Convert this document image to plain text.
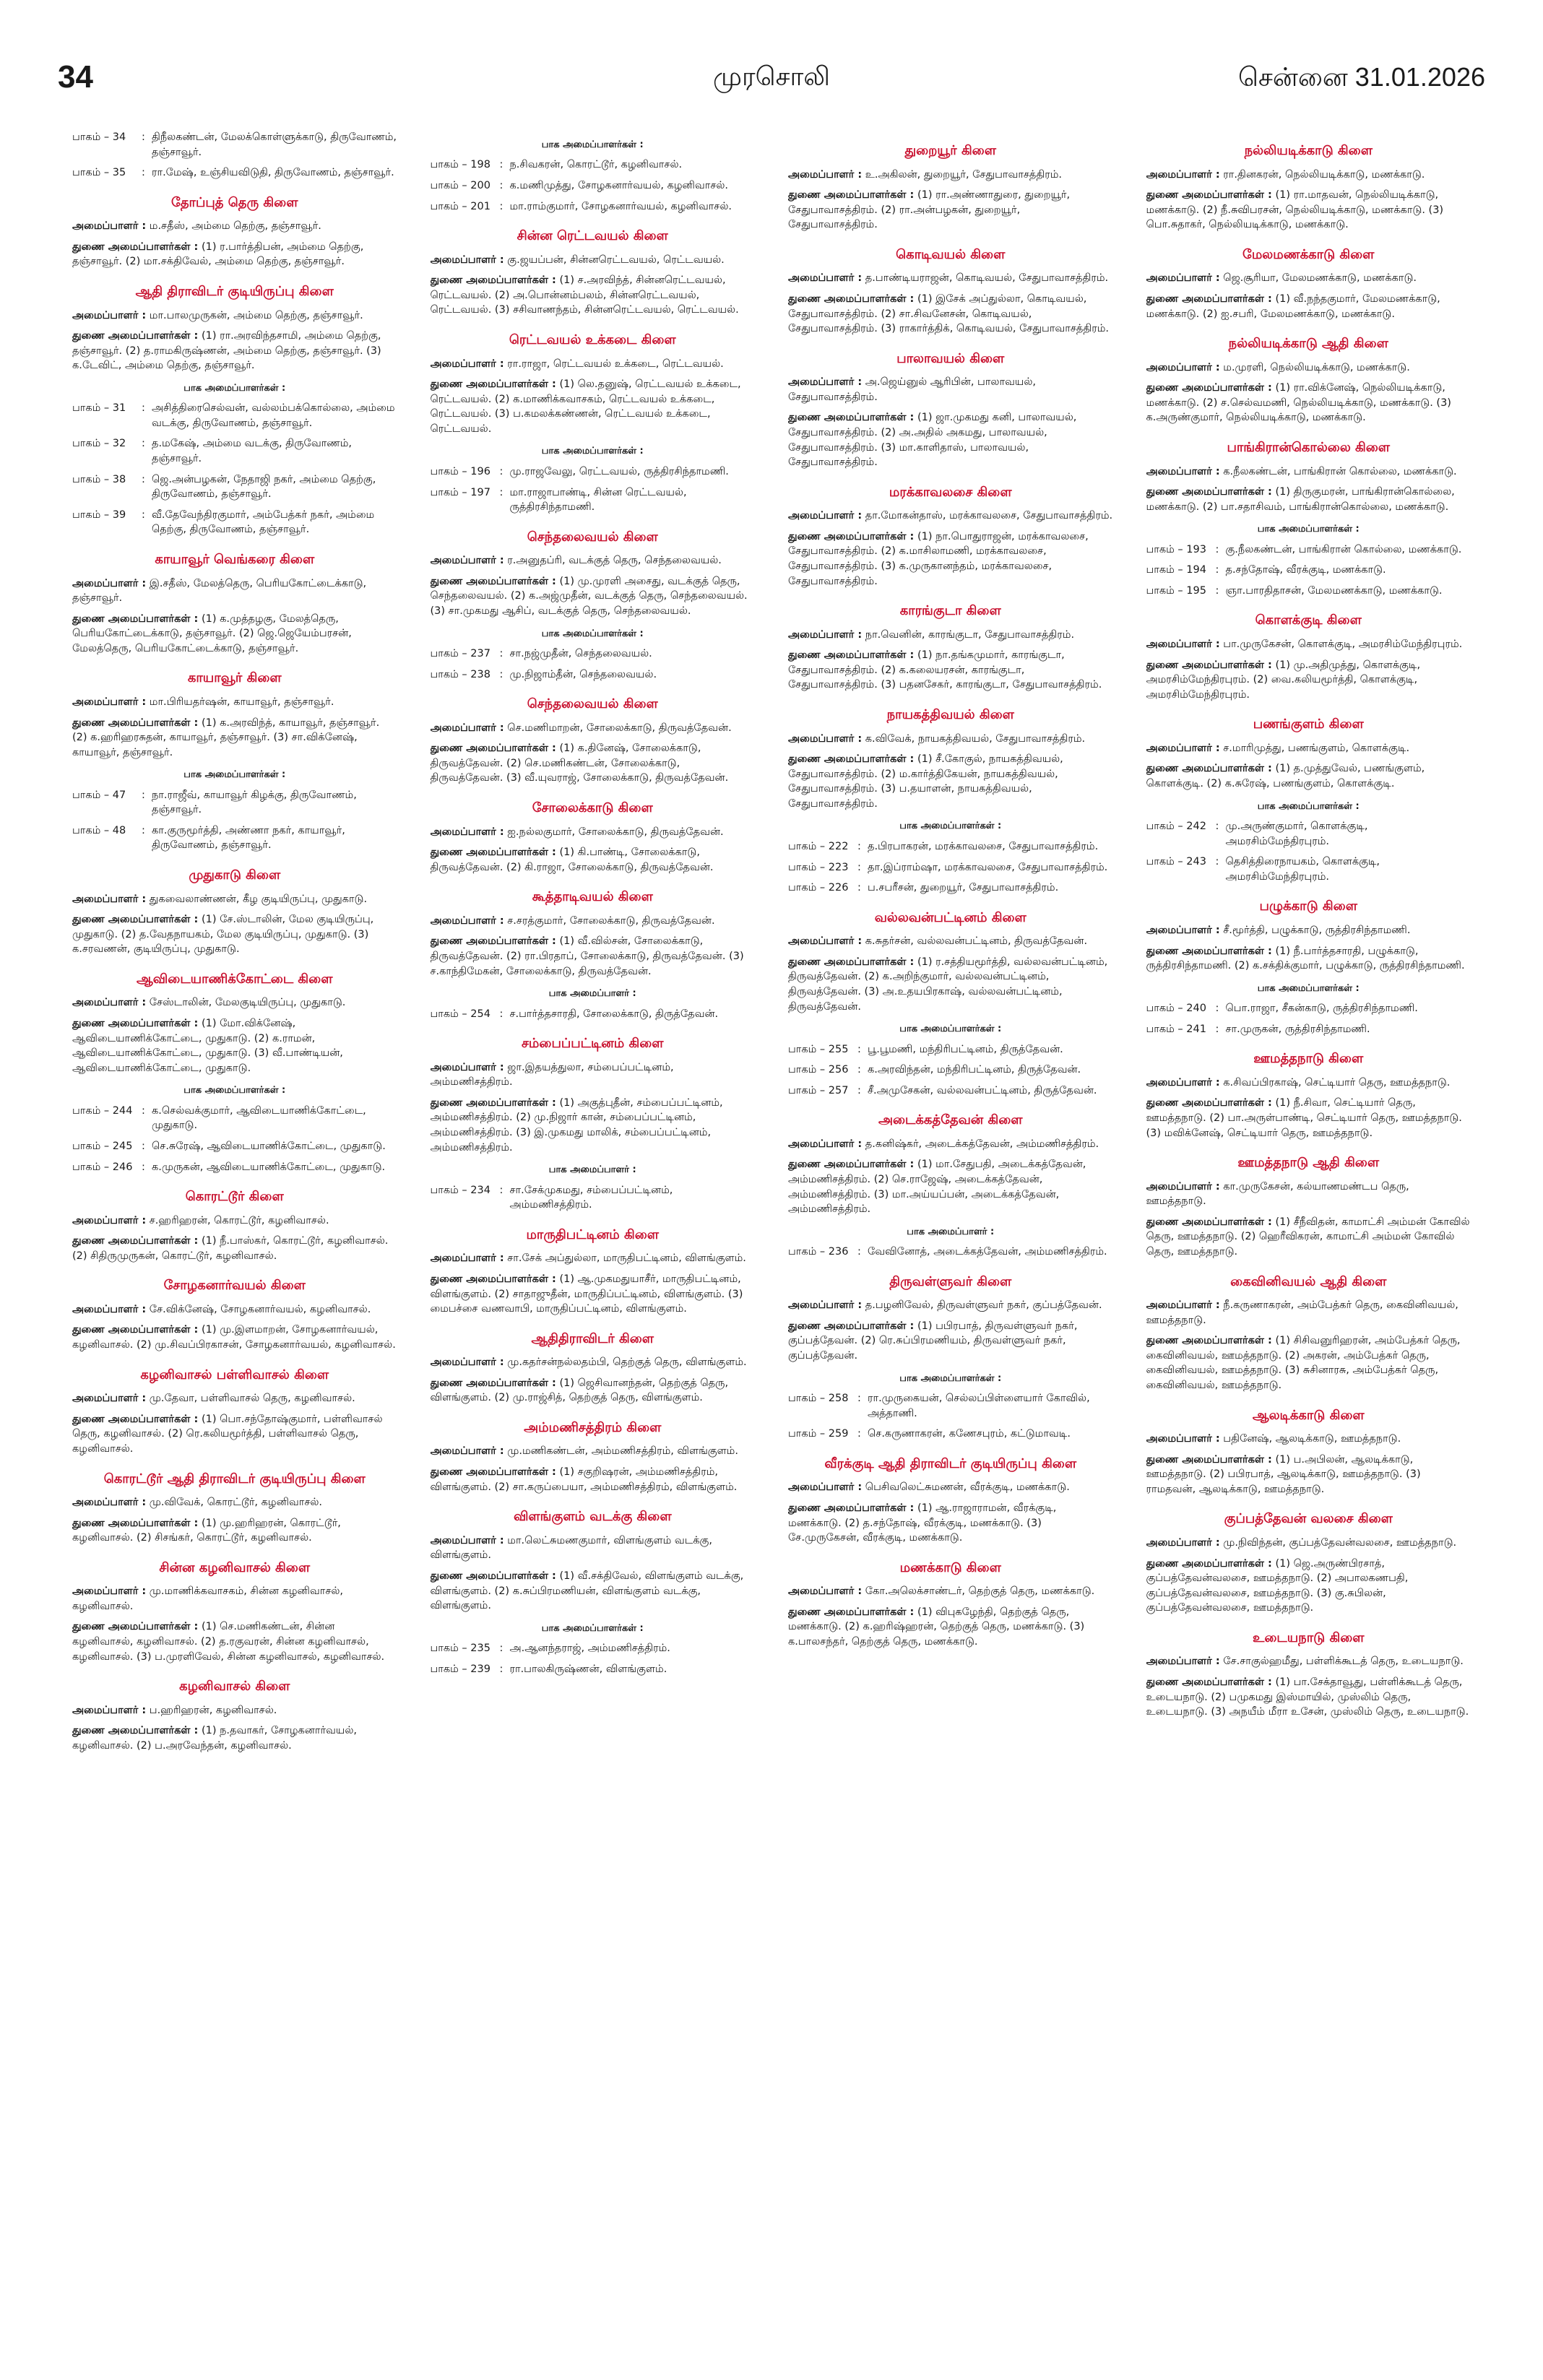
34	முரசொலி	சென்னை 31.01.2026
பாகம் – 34	: திநீலகண்டன், மேலக்கொள்ளுக்காடு, திருவோணம், தஞ்சாவூர்.
பாகம் – 35	: ரா.மேஷ், உஞ்சியவிடுதி, திருவோணம், தஞ்சாவூர்.
தோப்புத் தெரு கிளை
அமைப்பாளர் : ம.சதீஸ், அம்மை தெற்கு, தஞ்சாவூர்.
துணை அமைப்பாளர்கள் : (1) ர.பார்த்திபன், அம்மை தெற்கு, தஞ்சாவூர். (2) மா.சக்திவேல், அம்மை தெற்கு, தஞ்சாவூர்.
ஆதி திராவிடர் குடியிருப்பு கிளை
அமைப்பாளர் : மா.பாலமுருகன், அம்மை தெற்கு, தஞ்சாவூர்.
துணை அமைப்பாளர்கள் : (1) ரா.அரவிந்தசாமி, அம்மை தெற்கு, தஞ்சாவூர். (2) த.ராமகிருஷ்ணன், அம்மை தெற்கு, தஞ்சாவூர். (3) க.டேவிட், அம்மை தெற்கு, தஞ்சாவூர்.
பாக அமைப்பாளர்கள் :
பாகம் – 31	: அசித்திரைசெல்வன், வல்லம்பக்கொல்லை, அம்மை வடக்கு, திருவோணம், தஞ்சாவூர்.
பாகம் – 32	: த.மகேஷ், அம்மை வடக்கு, திருவோணம், தஞ்சாவூர்.
பாகம் – 38	: ஜெ.அன்பழகன், நேதாஜி நகர், அம்மை தெற்கு, திருவோணம், தஞ்சாவூர்.
பாகம் – 39	: வீ.தேவேந்திரகுமார், அம்பேத்கர் நகர், அம்மை தெற்கு, திருவோணம், தஞ்சாவூர்.
காயாவூர் வெங்கரை கிளை
அமைப்பாளர் : இ.சதீஸ், மேலத்தெரு, பெரியகோட்டைக்காடு, தஞ்சாவூர்.
துணை அமைப்பாளர்கள் : (1) க.முத்தழகு, மேலத்தெரு, பெரியகோட்டைக்காடு, தஞ்சாவூர். (2) ஜெ.ஜெயேம்பரசன், மேலத்தெரு, பெரியகோட்டைக்காடு, தஞ்சாவூர்.
காயாவூர் கிளை
அமைப்பாளர் : மா.பிரியதர்ஷன், காயாவூர், தஞ்சாவூர்.
துணை அமைப்பாளர்கள் : (1) க.அரவிந்த், காயாவூர், தஞ்சாவூர். (2) க.ஹரிஹரசுதன், காயாவூர், தஞ்சாவூர். (3) சா.விக்னேஷ், காயாவூர், தஞ்சாவூர்.
பாக அமைப்பாளர்கள் :
பாகம் – 47	: நா.ராஜீவ், காயாவூர் கிழக்கு, திருவோணம், தஞ்சாவூர்.
பாகம் – 48	: கா.குருமூர்த்தி, அண்ணா நகர், காயாவூர், திருவோணம், தஞ்சாவூர்.
முதுகாடு கிளை
அமைப்பாளர் : துகவைலாண்ணன், கீழ குடியிருப்பு, முதுகாடு.
துணை அமைப்பாளர்கள் : (1) சே.ஸ்டாலின், மேல குடியிருப்பு, முதுகாடு. (2) த.வேதநாயகம், மேல குடியிருப்பு, முதுகாடு. (3) க.சரவணன், குடியிருப்பு, முதுகாடு.
ஆவிடையாணிக்கோட்டை கிளை
அமைப்பாளர் : சேஸ்டாலின், மேலகுடியிருப்பு, முதுகாடு.
துணை அமைப்பாளர்கள் : (1) மோ.விக்னேஷ், ஆவிடையாணிக்கோட்டை, முதுகாடு. (2) க.ராமன், ஆவிடையாணிக்கோட்டை, முதுகாடு. (3) வீ.பாண்டியன், ஆவிடையாணிக்கோட்டை, முதுகாடு.
பாக அமைப்பாளர்கள் :
பாகம் – 244 : க.செல்வக்குமார், ஆவிடையாணிக்கோட்டை, முதுகாடு.
பாகம் – 245 : செ.சுரேஷ், ஆவிடையாணிக்கோட்டை, முதுகாடு.
பாகம் – 246 : க.முருகன், ஆவிடையாணிக்கோட்டை, முதுகாடு.
கொரட்டூர் கிளை
அமைப்பாளர் : ச.ஹரிஹரன், கொரட்டூர், கழனிவாசல்.
துணை அமைப்பாளர்கள் : (1) நீ.பாஸ்கர், கொரட்டூர், கழனிவாசல். (2) சிதிருமுருகன், கொரட்டூர், கழனிவாசல்.
சோழகனார்வயல் கிளை
அமைப்பாளர் : சே.விக்னேஷ், சோழகனார்வயல், கழனிவாசல்.
துணை அமைப்பாளர்கள் : (1) மு.இளமாறன், சோழகனார்வயல், கழனிவாசல். (2) மு.சிவப்பிரகாசன், சோழகனார்வயல், கழனிவாசல்.
கழனிவாசல் பள்ளிவாசல் கிளை
அமைப்பாளர் : மு.தேவா, பள்ளிவாசல் தெரு, கழனிவாசல்.
துணை அமைப்பாளர்கள் : (1) பொ.சந்தோஷ்குமார், பள்ளிவாசல் தெரு, கழனிவாசல். (2) ரெ.கலியமூர்த்தி, பள்ளிவாசல் தெரு, கழனிவாசல்.
கொரட்டூர் ஆதி திராவிடர் குடியிருப்பு கிளை
அமைப்பாளர் : மு.விவேக், கொரட்டூர், கழனிவாசல்.
துணை அமைப்பாளர்கள் : (1) மு.ஹரிஹரன், கொரட்டூர், கழனிவாசல். (2) சிசங்கர், கொரட்டூர், கழனிவாசல்.
சின்ன கழனிவாசல் கிளை
அமைப்பாளர் : மு.மாணிக்கவாசகம், சின்ன கழனிவாசல், கழனிவாசல்.
துணை அமைப்பாளர்கள் : (1) செ.மணிகண்டன், சின்ன கழனிவாசல், கழனிவாசல். (2) த.ரகுவரன், சின்ன கழனிவாசல், கழனிவாசல். (3) ப.முரளிவேல், சின்ன கழனிவாசல், கழனிவாசல்.
கழனிவாசல் கிளை
அமைப்பாளர் : ப.ஹரிஹரன், கழனிவாசல்.
துணை அமைப்பாளர்கள் : (1) ந.தவாகர், சோழகனார்வயல், கழனிவாசல். (2) ப.அரவேந்தன், கழனிவாசல்.
பாக அமைப்பாளர்கள் :
பாகம் – 198 : ந.சிவகரன், கொரட்டூர், கழனிவாசல்.
பாகம் – 200 : க.மணிமுத்து, சோழகனார்வயல், கழனிவாசல்.
பாகம் – 201 : மா.ராம்குமார், சோழகனார்வயல், கழனிவாசல்.
சின்ன ரெட்டவயல் கிளை
அமைப்பாளர் : கு.ஜயப்பன், சின்னரெட்டவயல், ரெட்டவயல்.
துணை அமைப்பாளர்கள் : (1) ச.அரவிந்த், சின்னரெட்டவயல், ரெட்டவயல். (2) அ.பொன்னம்பலம், சின்னரெட்டவயல், ரெட்டவயல். (3) சசிவாணந்தம், சின்னரெட்டவயல், ரெட்டவயல்.
ரெட்டவயல் உக்கடை கிளை
அமைப்பாளர் : ரா.ராஜா, ரெட்டவயல் உக்கடை, ரெட்டவயல்.
துணை அமைப்பாளர்கள் : (1) லெ.தனுஷ், ரெட்டவயல் உக்கடை, ரெட்டவயல். (2) க.மாணிக்கவாசகம், ரெட்டவயல் உக்கடை, ரெட்டவயல். (3) ப.கமலக்கண்ணன், ரெட்டவயல் உக்கடை, ரெட்டவயல்.
பாக அமைப்பாளர்கள் :
பாகம் – 196 : மு.ராஜவேலு, ரெட்டவயல், ருத்திரசிந்தாமணி.
பாகம் – 197 : மா.ராஜாபாண்டி, சின்ன ரெட்டவயல், ருத்திரசிந்தாமணி.
செந்தலைவயல் கிளை
அமைப்பாளர் : ர.அனுதப்ரி, வடக்குத் தெரு, செந்தலைவயல்.
துணை அமைப்பாளர்கள் : (1) மு.முரளி அசைது, வடக்குத் தெரு, செந்தலைவயல். (2) க.அஜ்முதீன், வடக்குத் தெரு, செந்தலைவயல். (3) சா.முகமது ஆசிப், வடக்குத் தெரு, செந்தலைவயல்.
பாக அமைப்பாளர்கள் :
பாகம் – 237 : சா.நஜ்முதீன், செந்தலைவயல்.
பாகம் – 238 : மு.நிஜாம்தீன், செந்தலைவயல்.
செந்தலைவயல் கிளை
அமைப்பாளர் : செ.மணிமாறன், சோலைக்காடு, திருவத்தேவன்.
துணை அமைப்பாளர்கள் : (1) க.தினேஷ், சோலைக்காடு, திருவத்தேவன். (2) செ.மணிகண்டன், சோலைக்காடு, திருவத்தேவன். (3) வீ.யுவராஜ், சோலைக்காடு, திருவத்தேவன்.
சோலைக்காடு கிளை
அமைப்பாளர் : ஐ.நல்லகுமார், சோலைக்காடு, திருவத்தேவன்.
துணை அமைப்பாளர்கள் : (1) கி.பாண்டி, சோலைக்காடு, திருவத்தேவன். (2) கி.ராஜா, சோலைக்காடு, திருவத்தேவன்.
கூத்தாடிவயல் கிளை
அமைப்பாளர் : ச.சரத்குமார், சோலைக்காடு, திருவத்தேவன்.
துணை அமைப்பாளர்கள் : (1) வீ.வில்சன், சோலைக்காடு, திருவத்தேவன். (2) ரா.பிரதாப், சோலைக்காடு, திருவத்தேவன். (3) ச.காந்திமேகன், சோலைக்காடு, திருவத்தேவன்.
பாக அமைப்பாளர் :
பாகம் – 254 : ச.பார்த்தசாரதி, சோலைக்காடு, திருத்தேவன்.
சம்பைப்பட்டினம் கிளை
அமைப்பாளர் : ஜா.இதயத்துலா, சம்பைப்பட்டினம், அம்மணிசத்திரம்.
துணை அமைப்பாளர்கள் : (1) அகுத்புதீன், சம்பைப்பட்டினம், அம்மணிசத்திரம். (2) மு.நிஜார் கான், சம்பைப்பட்டினம், அம்மணிசத்திரம். (3) இ.முகமது மாலிக், சம்பைப்பட்டினம், அம்மணிசத்திரம்.
பாக அமைப்பாளர் :
பாகம் – 234 : சா.சேக்முகமது, சம்பைப்பட்டினம், அம்மணிசத்திரம்.
மாருதிபட்டினம் கிளை
அமைப்பாளர் : சா.சேக் அப்துல்லா, மாருதிபட்டினம், விளங்குளம்.
துணை அமைப்பாளர்கள் : (1) ஆ.முகமதுயாசீர், மாருதிபட்டினம், விளங்குளம். (2) சாதாஜுதீன், மாருதிப்பட்டினம், விளங்குளம். (3) மைபச்சை வணவாபி, மாருதிப்பட்டினம், விளங்குளம்.
ஆதிதிராவிடர் கிளை
அமைப்பாளர் : மு.கதர்சன்நல்லதம்பி, தெற்குத் தெரு, விளங்குளம்.
துணை அமைப்பாளர்கள் : (1) ஜெசிவானந்தன், தெற்குத் தெரு, விளங்குளம். (2) மு.ராஜ்சித், தெற்குத் தெரு, விளங்குளம்.
அம்மணிசத்திரம் கிளை
அமைப்பாளர் : மு.மணிகண்டன், அம்மணிசத்திரம், விளங்குளம்.
துணை அமைப்பாளர்கள் : (1) சகுறிஷரன், அம்மணிசத்திரம், விளங்குளம். (2) சா.கருப்பையா, அம்மணிசத்திரம், விளங்குளம்.
விளங்குளம் வடக்கு கிளை
அமைப்பாளர் : மா.லெட்சுமணகுமார், விளங்குளம் வடக்கு, விளங்குளம்.
துணை அமைப்பாளர்கள் : (1) வீ.சக்திவேல், விளங்குளம் வடக்கு, விளங்குளம். (2) க.சுப்பிரமணியன், விளங்குளம் வடக்கு, விளங்குளம்.
பாக அமைப்பாளர்கள் :
பாகம் – 235 : அ.ஆனந்தராஜ், அம்மணிசத்திரம்.
பாகம் – 239 : ரா.பாலகிருஷ்ணன், விளங்குளம்.
துறையூர் கிளை
அமைப்பாளர் : உ.அகிலன், துறையூர், சேதுபாவாசத்திரம்.
துணை அமைப்பாளர்கள் : (1) ரா.அண்ணாதுரை, துறையூர், சேதுபாவாசத்திரம். (2) ரா.அன்பழகன், துறையூர், சேதுபாவாசத்திரம்.
கொடிவயல் கிளை
அமைப்பாளர் : த.பாண்டியராஜன், கொடிவயல், சேதுபாவாசத்திரம்.
துணை அமைப்பாளர்கள் : (1) இசேக் அப்துல்லா, கொடிவயல், சேதுபாவாசத்திரம். (2) சா.சிவனேசன், கொடிவயல், சேதுபாவாசத்திரம். (3) ராகார்த்திக், கொடிவயல், சேதுபாவாசத்திரம்.
பாலாவயல் கிளை
அமைப்பாளர் : அ.ஜெய்னுல் ஆரிபின், பாலாவயல், சேதுபாவாசத்திரம்.
துணை அமைப்பாளர்கள் : (1) ஜா.முகமது கனி, பாலாவயல், சேதுபாவாசத்திரம். (2) அ.அதில் அகமது, பாலாவயல், சேதுபாவாசத்திரம். (3) மா.காளிதாஸ், பாலாவயல், சேதுபாவாசத்திரம்.
மரக்காவலசை கிளை
அமைப்பாளர் : தா.மோகன்தாஸ், மரக்காவலசை, சேதுபாவாசத்திரம்.
துணை அமைப்பாளர்கள் : (1) நா.பொதுராஜன், மரக்காவலசை, சேதுபாவாசத்திரம். (2) க.மாசிலாமணி, மரக்காவலசை, சேதுபாவாசத்திரம். (3) க.முருகானந்தம், மரக்காவலசை, சேதுபாவாசத்திரம்.
காரங்குடா கிளை
அமைப்பாளர் : நா.வெனின், காரங்குடா, சேதுபாவாசத்திரம்.
துணை அமைப்பாளர்கள் : (1) நா.தங்கமுமார், காரங்குடா, சேதுபாவாசத்திரம். (2) க.கலையரசன், காரங்குடா, சேதுபாவாசத்திரம். (3) பதனசேகர், காரங்குடா, சேதுபாவாசத்திரம்.
நாயகத்திவயல் கிளை
அமைப்பாளர் : க.விவேக், நாயகத்திவயல், சேதுபாவாசத்திரம்.
துணை அமைப்பாளர்கள் : (1) சீ.கோகுல், நாயகத்திவயல், சேதுபாவாசத்திரம். (2) ம.கார்த்திகேயன், நாயகத்திவயல், சேதுபாவாசத்திரம். (3) ப.தயாளன், நாயகத்திவயல், சேதுபாவாசத்திரம்.
பாக அமைப்பாளர்கள் :
பாகம் – 222 : த.பிரபாகரன், மரக்காவலசை, சேதுபாவாசத்திரம்.
பாகம் – 223 : தா.இப்ராம்ஷா, மரக்காவலசை, சேதுபாவாசத்திரம்.
பாகம் – 226 : ப.சபரீசன், துறையூர், சேதுபாவாசத்திரம்.
வல்லவன்பட்டினம் கிளை
அமைப்பாளர் : க.சுதர்சன், வல்லவன்பட்டினம், திருவத்தேவன்.
துணை அமைப்பாளர்கள் : (1) ர.சத்தியமூர்த்தி, வல்லவன்பட்டினம், திருவத்தேவன். (2) க.அறிந்குமார், வல்லவன்பட்டினம், திருவத்தேவன். (3) அ.உதயபிரகாஷ், வல்லவன்பட்டினம், திருவத்தேவன்.
பாக அமைப்பாளர்கள் :
பாகம் – 255 : பூ.பூமணி, மந்திரிபட்டினம், திருத்தேவன்.
பாகம் – 256 : க.அரவிந்தன், மந்திரிபட்டினம், திருத்தேவன்.
பாகம் – 257 : சீ.அமுசேகன், வல்லவன்பட்டினம், திருத்தேவன்.
அடைக்கத்தேவன் கிளை
அமைப்பாளர் : த.கனிஷ்கர், அடைக்கத்தேவன், அம்மணிசத்திரம்.
துணை அமைப்பாளர்கள் : (1) மா.சேதுபதி, அடைக்கத்தேவன், அம்மணிசத்திரம். (2) செ.ராஜேஷ், அடைக்கத்தேவன், அம்மணிசத்திரம். (3) மா.அய்யப்பன், அடைக்கத்தேவன், அம்மணிசத்திரம்.
பாக அமைப்பாளர் :
பாகம் – 236 : வேவினோத், அடைக்கத்தேவன், அம்மணிசத்திரம்.
திருவள்ளுவர் கிளை
அமைப்பாளர் : த.பழனிவேல், திருவள்ளுவர் நகர், குப்பத்தேவன்.
துணை அமைப்பாளர்கள் : (1) பபிரபாத், திருவள்ளுவர் நகர், குப்பத்தேவன். (2) ரெ.சுப்பிரமணியம், திருவள்ளுவர் நகர், குப்பத்தேவன்.
பாக அமைப்பாளர்கள் :
பாகம் – 258 : ரா.முருகையன், செல்லப்பிள்ளையார் கோவில், அத்தாணி.
பாகம் – 259 : செ.கருணாகரன், கணேசபுரம், கட்டுமாவடி.
வீரக்குடி ஆதி திராவிடர் குடியிருப்பு கிளை
அமைப்பாளர் : பெசிவலெட்சுமணன், வீரக்குடி, மணக்காடு.
துணை அமைப்பாளர்கள் : (1) ஆ.ராஜாராமன், வீரக்குடி, மணக்காடு. (2) த.சந்தோஷ், வீரக்குடி, மணக்காடு. (3) சே.முருகேசன், வீரக்குடி, மணக்காடு.
மணக்காடு கிளை
அமைப்பாளர் : கோ.அலெக்சாண்டர், தெற்குத் தெரு, மணக்காடு.
துணை அமைப்பாளர்கள் : (1) விபுகழேந்தி, தெற்குத் தெரு, மணக்காடு. (2) க.ஹரிஷ்ஹரன், தெற்குத் தெரு, மணக்காடு. (3) க.பாலசந்தர், தெற்குத் தெரு, மணக்காடு.
நல்லியடிக்காடு கிளை
அமைப்பாளர் : ரா.தினகரன், நெல்லியடிக்காடு, மணக்காடு.
துணை அமைப்பாளர்கள் : (1) ரா.மாதவன், நெல்லியடிக்காடு, மணக்காடு. (2) நீ.சுவிபரசன், நெல்லியடிக்காடு, மணக்காடு. (3) பொ.சுதாகர், நெல்லியடிக்காடு, மணக்காடு.
மேலமணக்காடு கிளை
அமைப்பாளர் : ஜெ.சூரியா, மேலமணக்காடு, மணக்காடு.
துணை அமைப்பாளர்கள் : (1) வீ.நந்தகுமார், மேலமணக்காடு, மணக்காடு. (2) ஐ.சபரி, மேலமணக்காடு, மணக்காடு.
நல்லியடிக்காடு ஆதி கிளை
அமைப்பாளர் : ம.முரளி, நெல்லியடிக்காடு, மணக்காடு.
துணை அமைப்பாளர்கள் : (1) ரா.விக்னேஷ், நெல்லியடிக்காடு, மணக்காடு. (2) ச.செல்வமணி, நெல்லியடிக்காடு, மணக்காடு. (3) க.அருண்குமார், நெல்லியடிக்காடு, மணக்காடு.
பாங்கிரான்கொல்லை கிளை
அமைப்பாளர் : க.நீலகண்டன், பாங்கிரான் கொல்லை, மணக்காடு.
துணை அமைப்பாளர்கள் : (1) திருகுமரன், பாங்கிரான்கொல்லை, மணக்காடு. (2) பா.சதாசிவம், பாங்கிரான்கொல்லை, மணக்காடு.
பாக அமைப்பாளர்கள் :
பாகம் – 193 : கு.நீலகண்டன், பாங்கிரான் கொல்லை, மணக்காடு.
பாகம் – 194 : த.சந்தோஷ், வீரக்குடி, மணக்காடு.
பாகம் – 195 : ஞா.பாரதிதாசன், மேலமணக்காடு, மணக்காடு.
கொளக்குடி கிளை
அமைப்பாளர் : பா.முருகேசன், கொளக்குடி, அமரசிம்மேந்திரபுரம்.
துணை அமைப்பாளர்கள் : (1) மு.அதிமுத்து, கொளக்குடி, அமரசிம்மேந்திரபுரம். (2) வை.கலியமூர்த்தி, கொளக்குடி, அமரசிம்மேந்திரபுரம்.
பணங்குளம் கிளை
அமைப்பாளர் : ச.மாரிமுத்து, பணங்குளம், கொளக்குடி.
துணை அமைப்பாளர்கள் : (1) த.முத்துவேல், பணங்குளம், கொளக்குடி. (2) க.சுரேஷ், பணங்குளம், கொளக்குடி.
பாக அமைப்பாளர்கள் :
பாகம் – 242 : மு.அருண்குமார், கொளக்குடி, அமரசிம்மேந்திரபுரம்.
பாகம் – 243 : தெசித்திரைநாயகம், கொளக்குடி, அமரசிம்மேந்திரபுரம்.
பழுக்காடு கிளை
அமைப்பாளர் : சீ.மூர்த்தி, பழுக்காடு, ருத்திரசிந்தாமணி.
துணை அமைப்பாளர்கள் : (1) நீ.பார்த்தசாரதி, பழுக்காடு, ருத்திரசிந்தாமணி. (2) க.சக்திக்குமார், பழுக்காடு, ருத்திரசிந்தாமணி.
பாக அமைப்பாளர்கள் :
பாகம் – 240 : பொ.ராஜா, சீகன்காடு, ருத்திரசிந்தாமணி.
பாகம் – 241 : சா.முருகன், ருத்திரசிந்தாமணி.
ஊமத்தநாடு கிளை
அமைப்பாளர் : க.சிவப்பிரகாஷ், செட்டியார் தெரு, ஊமத்தநாடு.
துணை அமைப்பாளர்கள் : (1) நீ.சிவா, செட்டியார் தெரு, ஊமத்தநாடு. (2) பா.அருள்பாண்டி, செட்டியார் தெரு, ஊமத்தநாடு. (3) மவிக்னேஷ், செட்டியார் தெரு, ஊமத்தநாடு.
ஊமத்தநாடு ஆதி கிளை
அமைப்பாளர் : கா.முருகேசன், கல்யாணமண்டப தெரு, ஊமத்தநாடு.
துணை அமைப்பாளர்கள் : (1) சீநீவிதன், காமாட்சி அம்மன் கோவில் தெரு, ஊமத்தநாடு. (2) ஹெரீவிகரன், காமாட்சி அம்மன் கோவில் தெரு, ஊமத்தநாடு.
கைவினிவயல் ஆதி கிளை
அமைப்பாளர் : நீ.கருணாகரன், அம்பேத்கர் தெரு, கைவினிவயல், ஊமத்தநாடு.
துணை அமைப்பாளர்கள் : (1) சிசிவனுரிஹரன், அம்பேத்கர் தெரு, கைவினிவயல், ஊமத்தநாடு. (2) அகரன், அம்பேத்கர் தெரு, கைவினிவயல், ஊமத்தநாடு. (3) சுசினாரசு, அம்பேத்கர் தெரு, கைவினிவயல், ஊமத்தநாடு.
ஆலடிக்காடு கிளை
அமைப்பாளர் : பதினேஷ், ஆலடிக்காடு, ஊமத்தநாடு.
துணை அமைப்பாளர்கள் : (1) ப.அபிலன், ஆலடிக்காடு, ஊமத்தநாடு. (2) பபிரபாத், ஆலடிக்காடு, ஊமத்தநாடு. (3) ராமதவன், ஆலடிக்காடு, ஊமத்தநாடு.
குப்பத்தேவன் வலசை கிளை
அமைப்பாளர் : மு.நிவிந்தன், குப்பத்தேவன்வலசை, ஊமத்தநாடு.
துணை அமைப்பாளர்கள் : (1) ஜெ.அருண்பிரசாத், குப்பத்தேவன்வலசை, ஊமத்தநாடு. (2) அபாலகணபதி, குப்பத்தேவன்வலசை, ஊமத்தநாடு. (3) கு.சுபிலன், குப்பத்தேவன்வலசை, ஊமத்தநாடு.
உடையநாடு கிளை
அமைப்பாளர் : சே.சாகுல்ஹமீது, பள்ளிக்கூடத் தெரு, உடையநாடு.
துணை அமைப்பாளர்கள் : (1) பா.சேக்தாவூது, பள்ளிக்கூடத் தெரு, உடையநாடு. (2) பமுகமது இஸ்மாயில், முஸ்லிம் தெரு, உடையநாடு. (3) அநயீம் மீரா உசேன், முஸ்லிம் தெரு, உடையநாடு.
